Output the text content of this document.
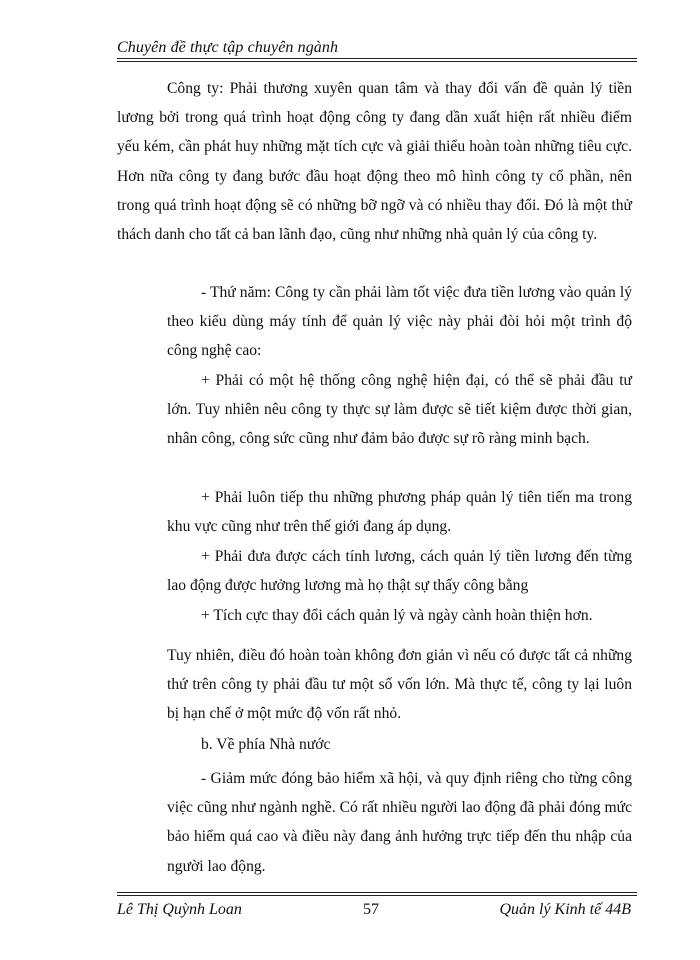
Chuyên đề thực tập chuyên ngành
Công ty: Phải thương xuyên quan tâm và thay đổi vấn đề quản lý tiền lương bởi trong quá trình hoạt động công ty đang dần xuất hiện rất nhiều điểm yếu kém, cần phát huy những mặt tích cực và giải thiểu hoàn toàn những tiêu cực. Hơn nữa công ty đang bước đầu hoạt động theo mô hình công ty cổ phần, nên trong quá trình hoạt động sẽ có những bỡ ngỡ và có nhiều thay đổi. Đó là một thử thách danh cho tất cả ban lãnh đạo, cũng như những nhà quản lý của công ty.
- Thứ năm: Công ty cần phải làm tốt việc đưa tiền lương vào quản lý theo kiểu dùng máy tính để quản lý việc này phải đòi hỏi một trình độ công nghệ cao:
+ Phải có một hệ thống công nghệ hiện đại, có thể sẽ phải đầu tư lớn. Tuy nhiên nêu công ty thực sự làm được sẽ tiết kiệm được thời gian, nhân công, công sức cũng như đảm bảo được sự rõ ràng minh bạch.
+ Phải luôn tiếp thu những phương pháp quản lý tiên tiến ma trong khu vực cũng như trên thế giới đang áp dụng.
+ Phải đưa được cách tính lương, cách quản lý tiền lương đến từng lao động được hưởng lương mà họ thật sự thấy công bằng
+ Tích cực thay đổi cách quản lý và ngày cành hoàn thiện hơn.
Tuy nhiên, điều đó hoàn toàn không đơn giản vì nếu có được tất cả những thứ trên công ty phải đầu tư một số vốn lớn. Mà thực tế, công ty lại luôn bị hạn chế ở một mức độ vốn rất nhỏ.
b. Về phía Nhà nước
- Giảm mức đóng bảo hiểm xã hội, và quy định riêng cho từng công việc cũng như ngành nghề. Có rất nhiều người lao động đã phải đóng mức bảo hiểm quá cao và điều này đang ảnh hưởng trực tiếp đến thu nhập của người lao động.
Lê Thị Quỳnh Loan	57	Quản lý Kinh tế 44B
